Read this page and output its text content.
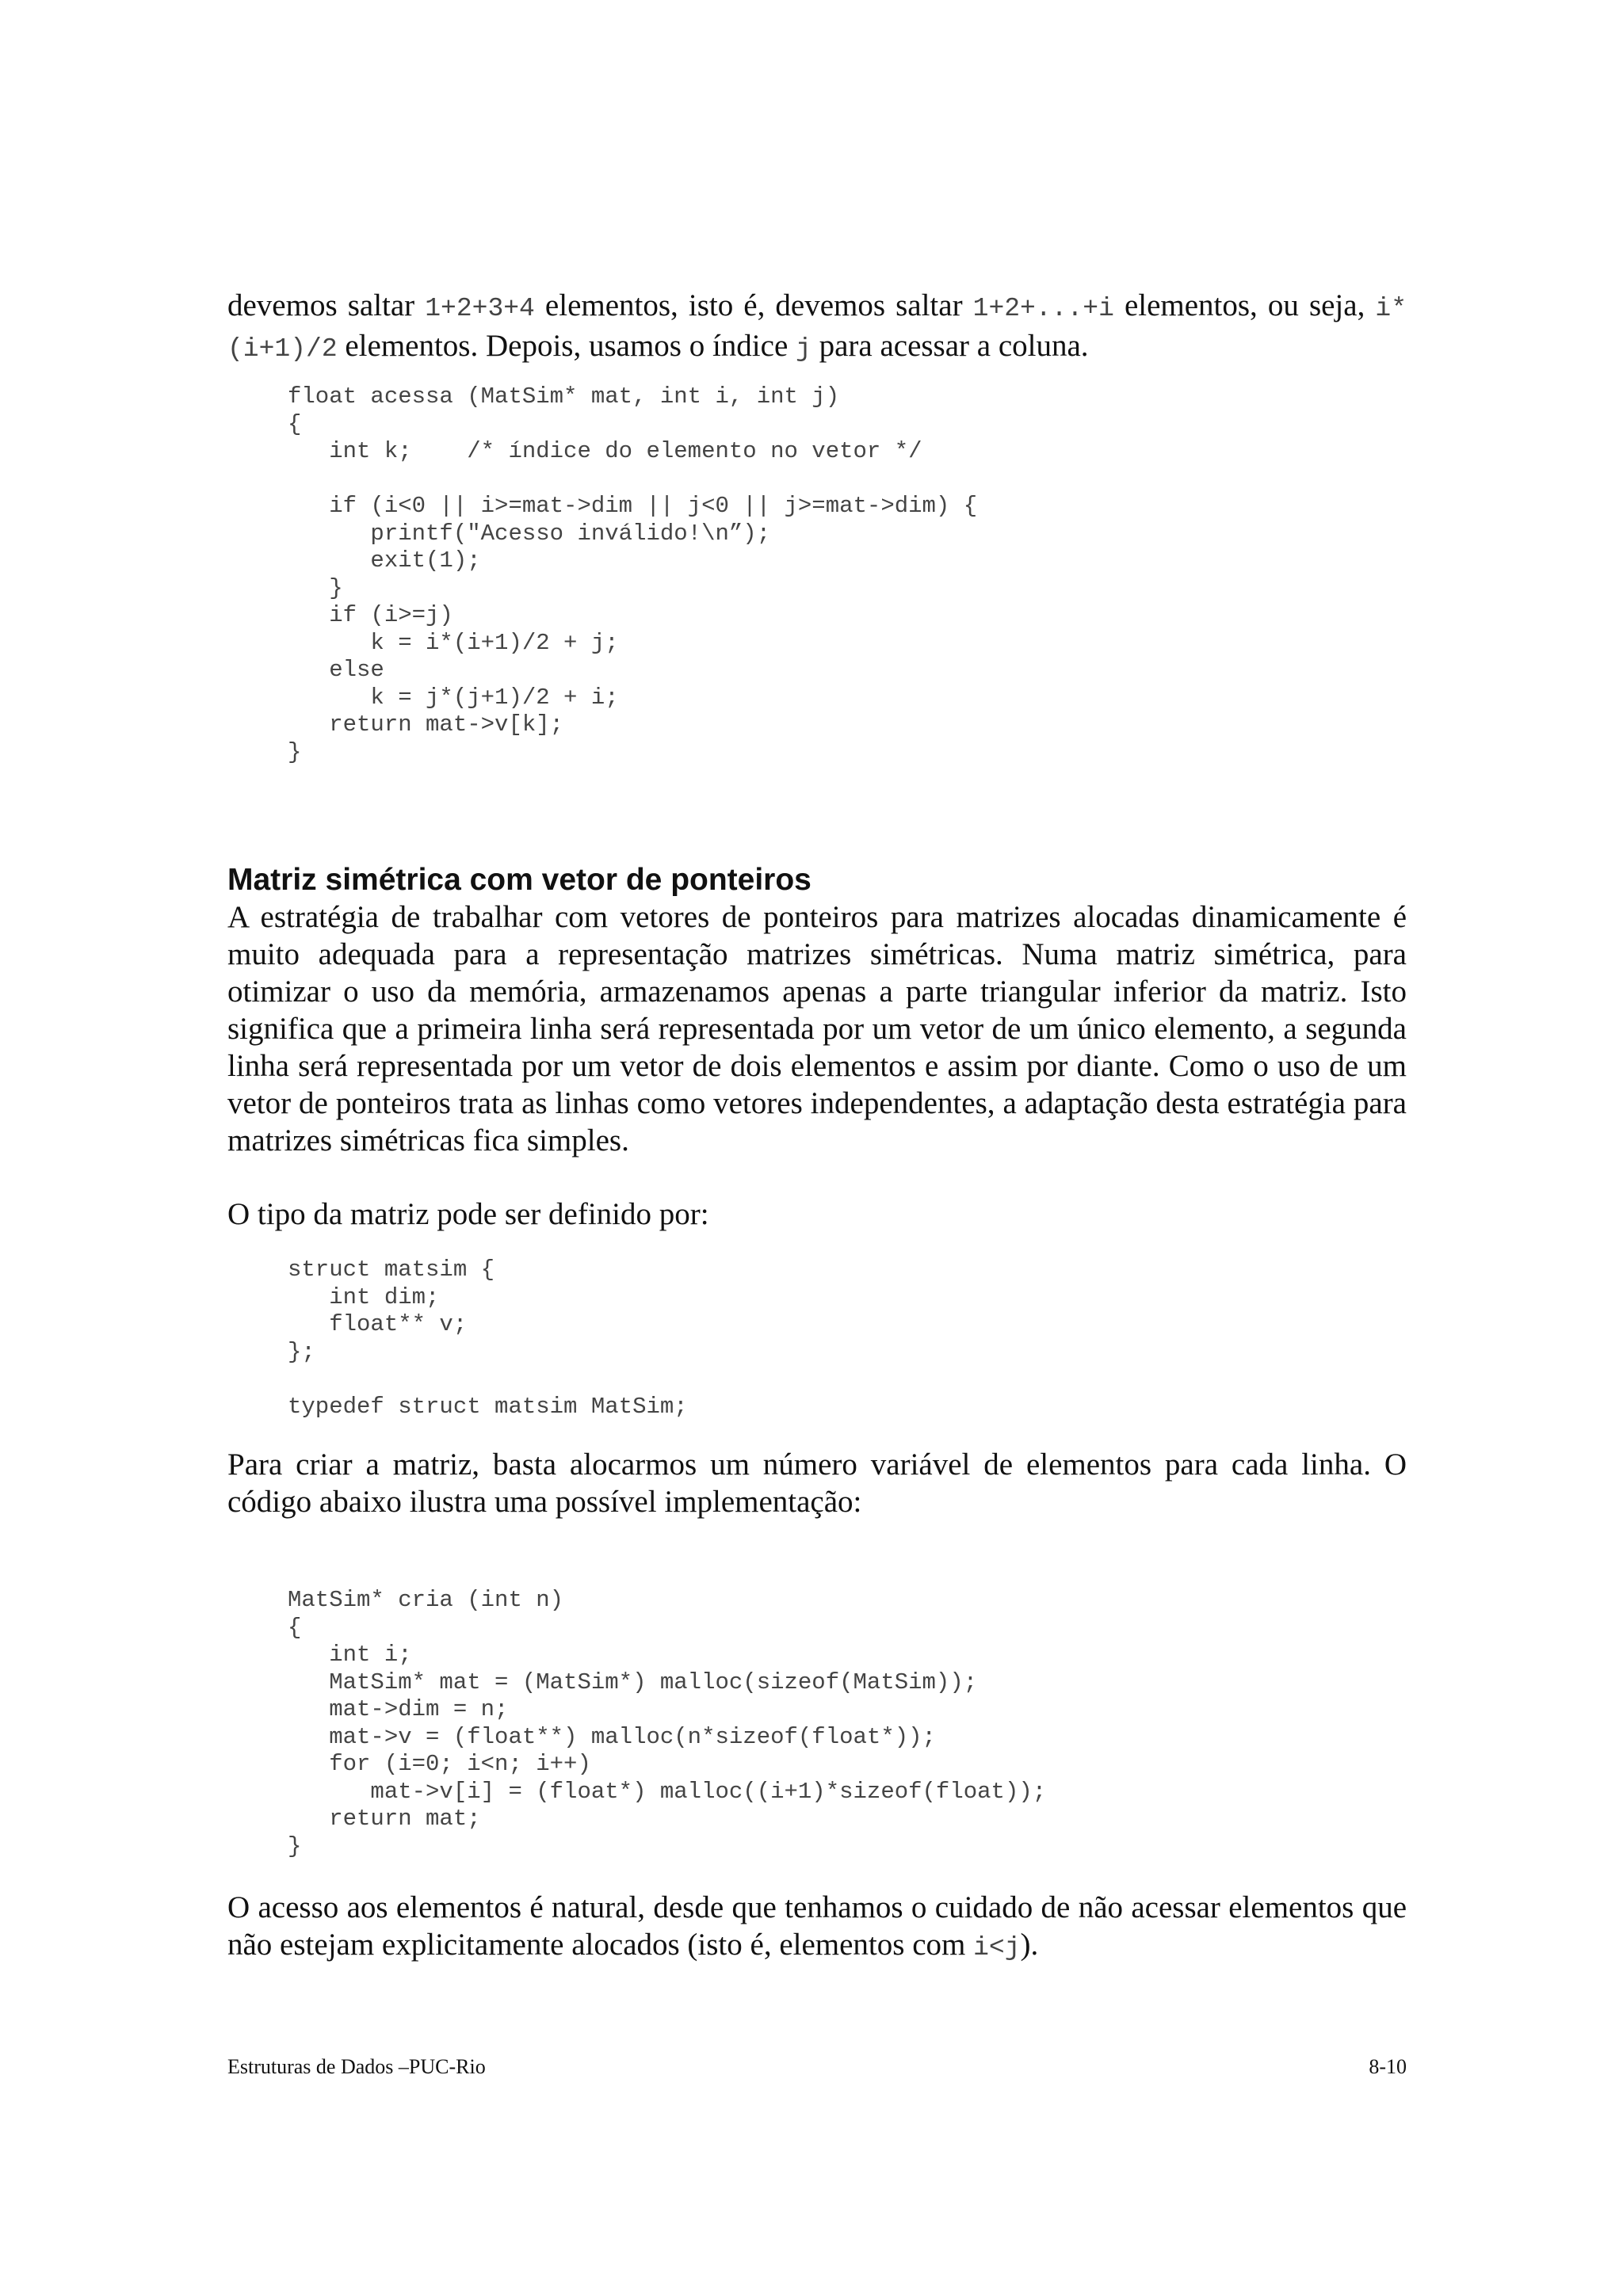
devemos saltar 1+2+3+4 elementos, isto é, devemos saltar 1+2+...+i elementos, ou seja, i*(i+1)/2 elementos. Depois, usamos o índice j para acessar a coluna.

float acessa (MatSim* mat, int i, int j)
{
int k;    /* índice do elemento no vetor */

if (i<0 || i>=mat->dim || j<0 || j>=mat->dim) {
printf("Acesso inválido!\n”);
exit(1);
}
if (i>=j)
k = i*(i+1)/2 + j;
else
k = j*(j+1)/2 + i;
return mat->v[k];
}
Matriz simétrica com vetor de ponteiros

A estratégia de trabalhar com vetores de ponteiros para matrizes alocadas dinamicamente é muito adequada para a representação matrizes simétricas. Numa matriz simétrica, para otimizar o uso da memória, armazenamos apenas a parte triangular inferior da matriz. Isto significa que a primeira linha será representada por um vetor de um único elemento, a segunda linha será representada por um vetor de dois elementos e assim por diante. Como o uso de um vetor de ponteiros trata as linhas como vetores independentes, a adaptação desta estratégia para matrizes simétricas fica simples.

O tipo da matriz pode ser definido por:

struct matsim {
int dim;
float** v;
};

typedef struct matsim MatSim;

Para criar a matriz, basta alocarmos um número variável de elementos para cada linha. O código abaixo ilustra uma possível implementação:

MatSim* cria (int n)
{
int i;
MatSim* mat = (MatSim*) malloc(sizeof(MatSim));
mat->dim = n;
mat->v = (float**) malloc(n*sizeof(float*));
for (i=0; i<n; i++)
mat->v[i] = (float*) malloc((i+1)*sizeof(float));
return mat;
}

O acesso aos elementos é natural, desde que tenhamos o cuidado de não acessar elementos que não estejam explicitamente alocados (isto é, elementos com i<j).

Estruturas de Dados –PUC-Rio	8-10
